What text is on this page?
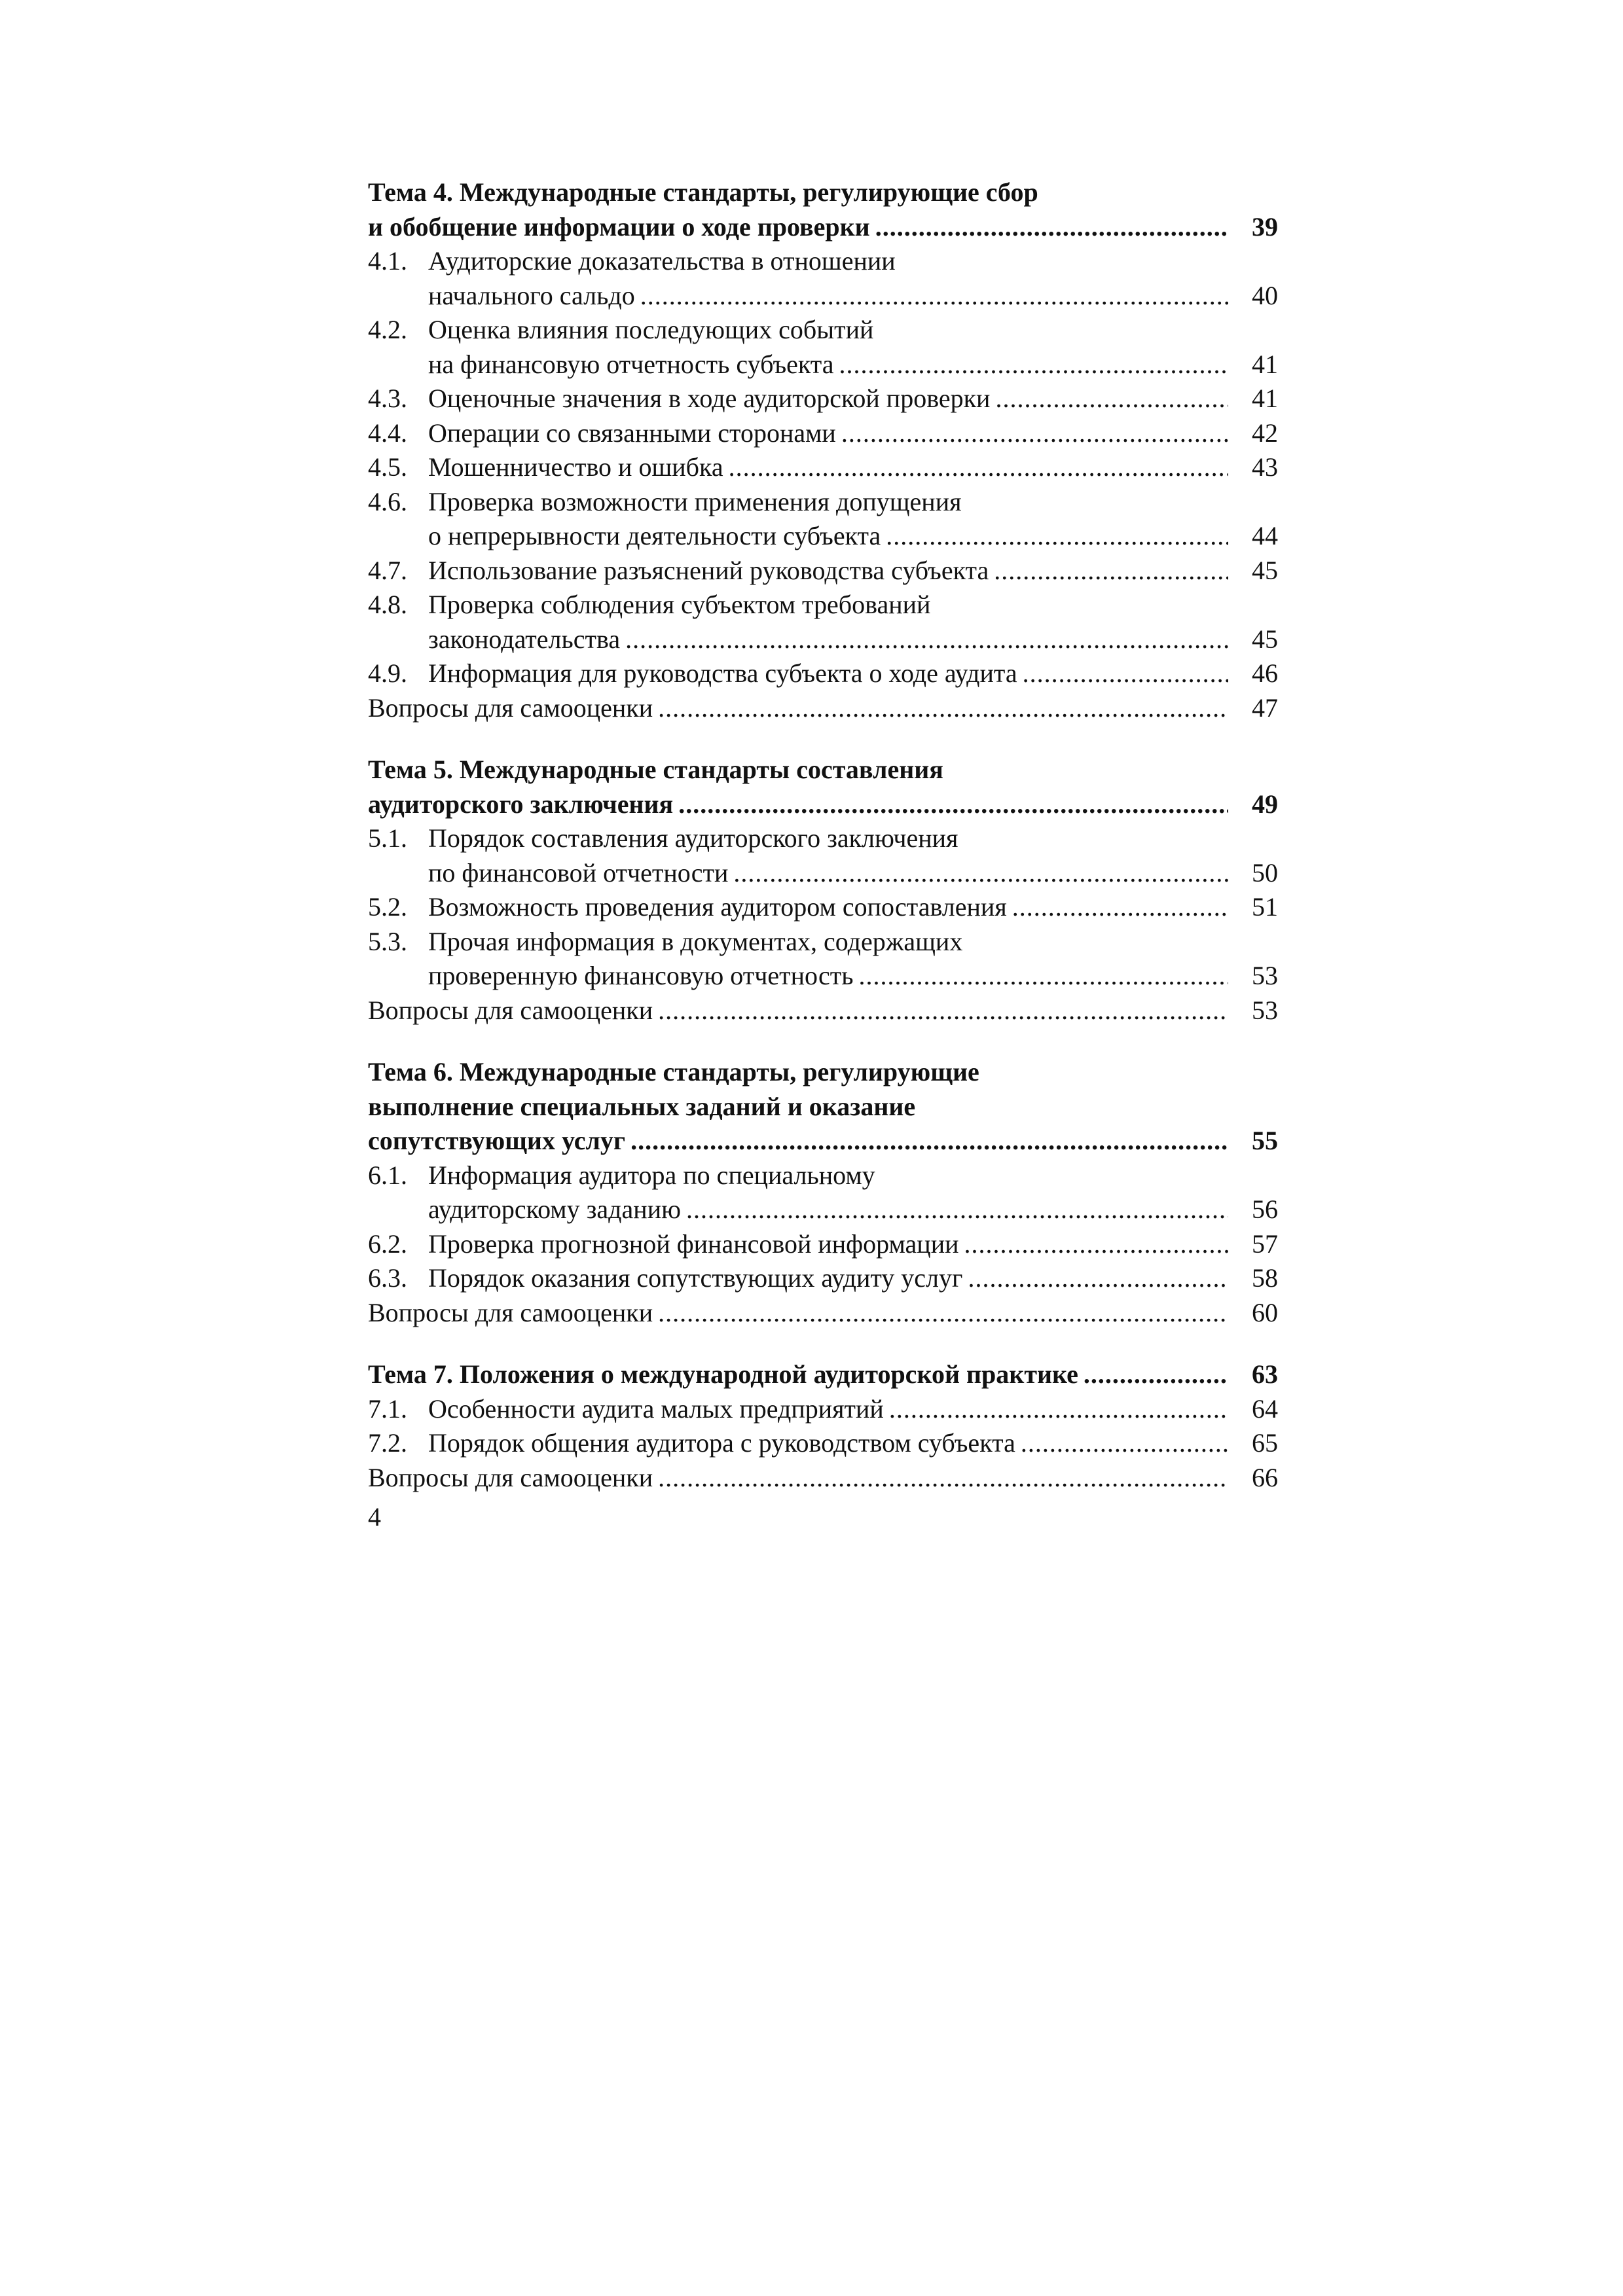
Тема 4. Международные стандарты, регулирующие сбор
и обобщение информации о ходе проверки .....	39
4.1. Аудиторские доказательства в отношении
начального сальдо .....	40
4.2. Оценка влияния последующих событий
на финансовую отчетность субъекта .....	41
4.3. Оценочные значения в ходе аудиторской проверки .....	41
4.4. Операции со связанными сторонами .....	42
4.5. Мошенничество и ошибка .....	43
4.6. Проверка возможности применения допущения
о непрерывности деятельности субъекта .....	44
4.7. Использование разъяснений руководства субъекта .....	45
4.8. Проверка соблюдения субъектом требований
законодательства .....	45
4.9. Информация для руководства субъекта о ходе аудита .....	46
Вопросы для самооценки .....	47
Тема 5. Международные стандарты составления
аудиторского заключения .....	49
5.1. Порядок составления аудиторского заключения
по финансовой отчетности .....	50
5.2. Возможность проведения аудитором сопоставления .....	51
5.3. Прочая информация в документах, содержащих
проверенную финансовую отчетность .....	53
Вопросы для самооценки .....	53
Тема 6. Международные стандарты, регулирующие
выполнение специальных заданий и оказание
сопутствующих услуг .....	55
6.1. Информация аудитора по специальному
аудиторскому заданию .....	56
6.2. Проверка прогнозной финансовой информации .....	57
6.3. Порядок оказания сопутствующих аудиту услуг .....	58
Вопросы для самооценки .....	60
Тема 7. Положения о международной аудиторской практике .....	63
7.1. Особенности аудита малых предприятий .....	64
7.2. Порядок общения аудитора с руководством субъекта .....	65
Вопросы для самооценки .....	66
4
